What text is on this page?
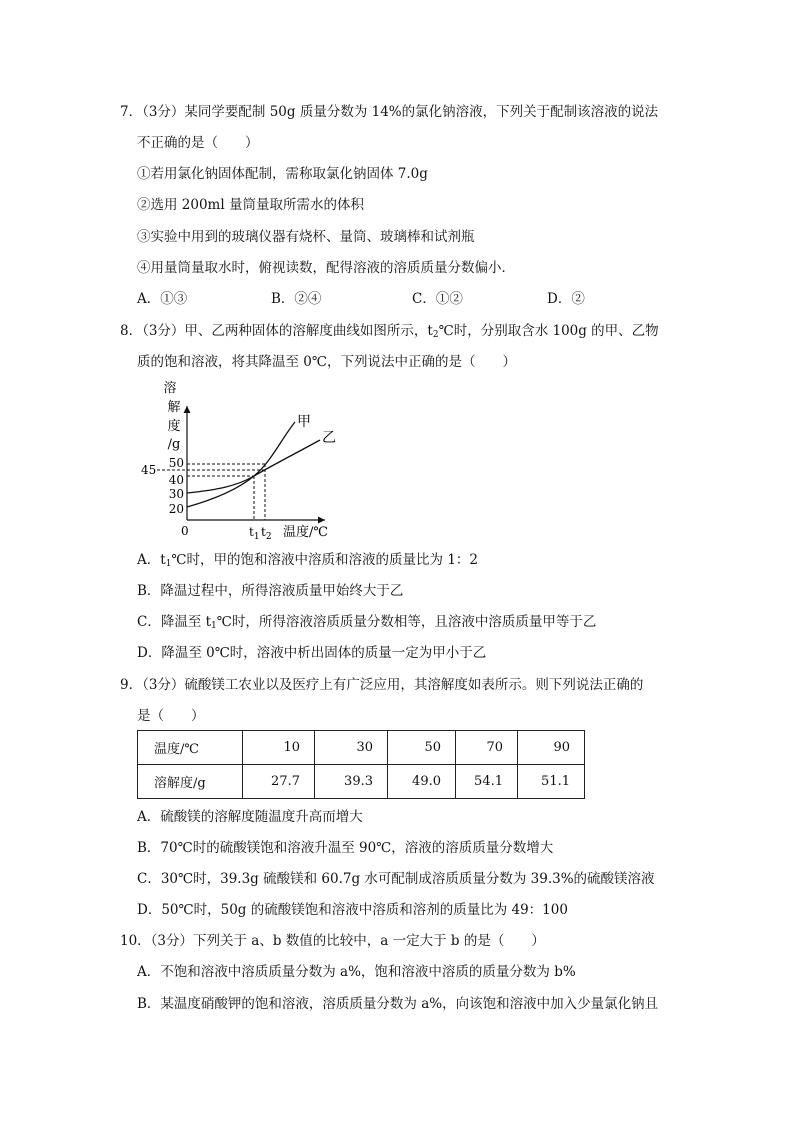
7．（3分）某同学要配制 50g 质量分数为 14%的氯化钠溶液，下列关于配制该溶液的说法
不正确的是（　　）
①若用氯化钠固体配制，需称取氯化钠固体 7.0g
②选用 200ml 量筒量取所需水的体积
③实验中用到的玻璃仪器有烧杯、量筒、玻璃棒和试剂瓶
④用量筒量取水时，俯视读数，配得溶液的溶质质量分数偏小．
A．①③	B．②④	C．①②	D．②
8．（3分）甲、乙两种固体的溶解度曲线如图所示，$t_2℃$时，分别取含水 100g 的甲、乙物
质的饱和溶液，将其降温至 0℃，下列说法中正确的是（　　）
溶
解
度
/g
50
40
30
20
45
甲
乙
0	$t_1$ $t_2$ 温度/℃
A．$t_1℃$时，甲的饱和溶液中溶质和溶液的质量比为 1：2
B．降温过程中，所得溶液质量甲始终大于乙
C．降温至 $t_1℃$时，所得溶液溶质质量分数相等，且溶液中溶质质量甲等于乙
D．降温至 0℃时，溶液中析出固体的质量一定为甲小于乙
9．（3分）硫酸镁工农业以及医疗上有广泛应用，其溶解度如表所示。则下列说法正确的
是（　　）
温度/℃	10	30	50	70	90
溶解度/g	27.7	39.3	49.0	54.1	51.1
A．硫酸镁的溶解度随温度升高而增大
B．70℃时的硫酸镁饱和溶液升温至 90℃，溶液的溶质质量分数增大
C．30℃时，39.3g 硫酸镁和 60.7g 水可配制成溶质质量分数为 39.3%的硫酸镁溶液
D．50℃时，50g 的硫酸镁饱和溶液中溶质和溶剂的质量比为 49：100
10．（3分）下列关于 a、b 数值的比较中，a 一定大于 b 的是（　　）
A．不饱和溶液中溶质质量分数为 a%，饱和溶液中溶质的质量分数为 b%
B．某温度硝酸钾的饱和溶液，溶质质量分数为 a%，向该饱和溶液中加入少量氯化钠且
